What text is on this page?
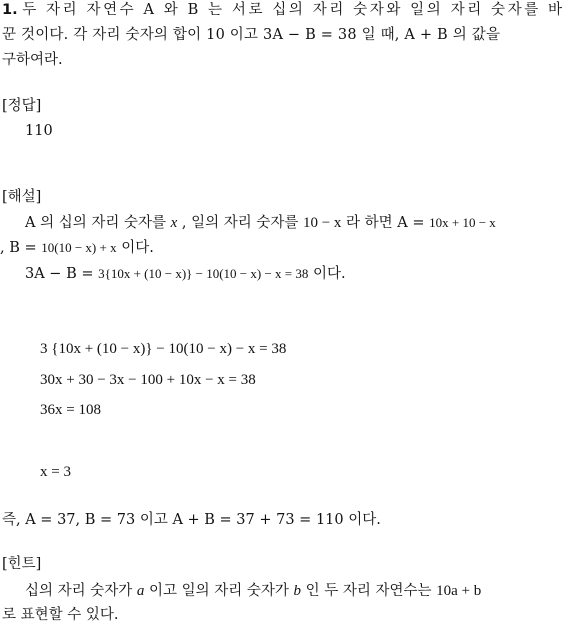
1. 두 자리 자연수 A 와 B 는 서로 십의 자리 숫자와 일의 자리 숫자를 바
꾼 것이다. 각 자리 숫자의 합이 10 이고 3A − B = 38 일 때, A + B 의 값을
구하여라.
[정답]
110
[해설]
A 의 십의 자리 숫자를 x , 일의 자리 숫자를 10 − x 라 하면 A = 10x + 10 − x
, B = 10(10 − x) + x 이다.
3A − B = 3{10x + (10 − x)} − 10(10 − x) − x = 38 이다.
3 {10x + (10 − x)} − 10(10 − x) − x = 38
30x + 30 − 3x − 100 + 10x − x = 38
36x = 108
x = 3
즉, A = 37, B = 73 이고 A + B = 37 + 73 = 110 이다.
[힌트]
십의 자리 숫자가 a 이고 일의 자리 숫자가 b 인 두 자리 자연수는 10a + b
로 표현할 수 있다.
